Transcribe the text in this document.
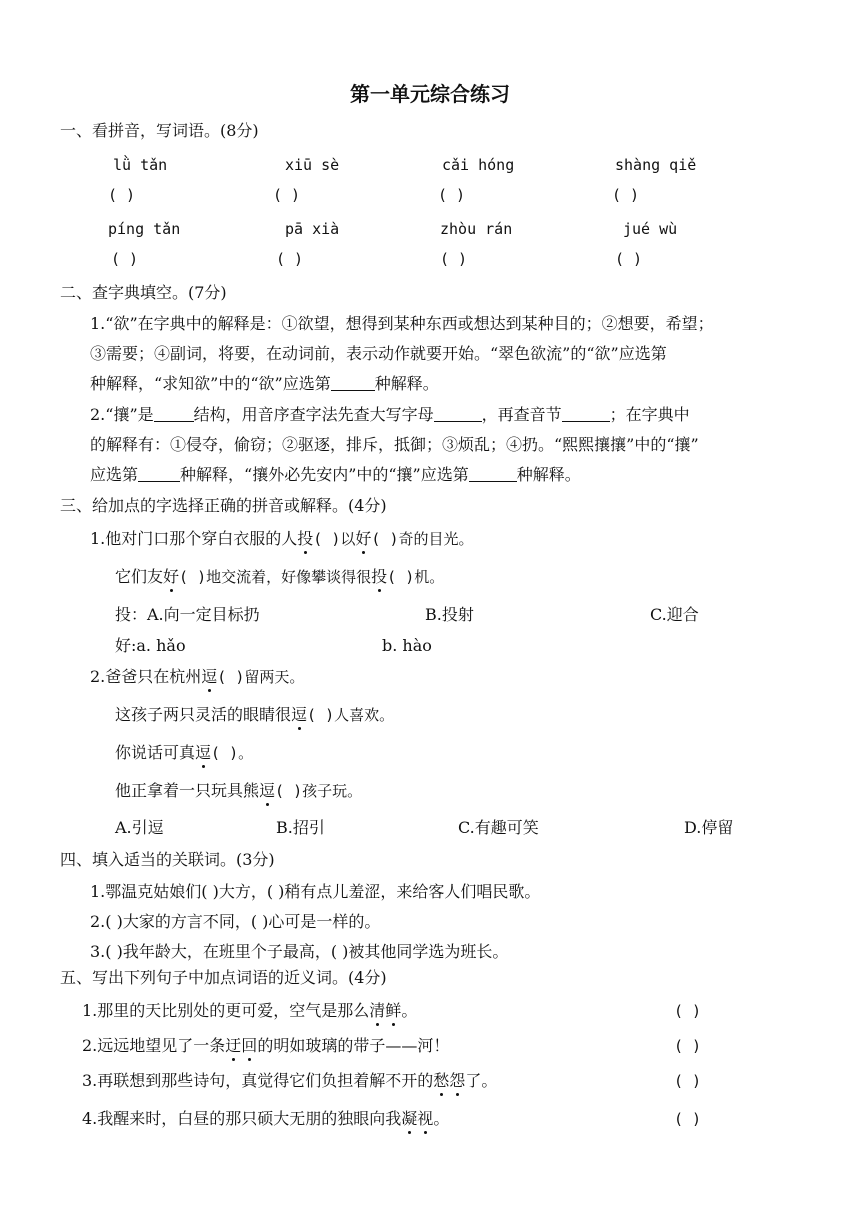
第一单元综合练习
一、看拼音，写词语。(8分)
lǜ tǎn	xiū sè	cǎi hóng	shàng qiě
( )	( )	( )	( )
píng tǎn	pā xià	zhòu rán	jué wù
( )	( )	( )	( )
二、查字典填空。(7分)
1.“欲”在字典中的解释是：①欲望，想得到某种东西或想达到某种目的；②想要，希望；
③需要；④副词，将要，在动词前，表示动作就要开始。“翠色欲流”的“欲”应选第
种解释，“求知欲”中的“欲”应选第	种解释。
2.“攘”是	结构，用音序查字法先查大写字母	，再查音节	；在字典中
的解释有：①侵夺，偷窃；②驱逐，排斥，抵御；③烦乱；④扔。“熙熙攘攘”中的“攘”
应选第	种解释，“攘外必先安内”中的“攘”应选第	种解释。
三、给加点的字选择正确的拼音或解释。(4分)
1.他对门口那个穿白衣服的人投( )以好( )奇的目光。
它们友好( )地交流着，好像攀谈得很投( )机。
投：A.向一定目标扔	B.投射	C.迎合
好:a. hǎo	b. hào
2.爸爸只在杭州逗( )留两天。
这孩子两只灵活的眼睛很逗( )人喜欢。
你说话可真逗( )。
他正拿着一只玩具熊逗( )孩子玩。
A.引逗	B.招引	C.有趣可笑	D.停留
四、填入适当的关联词。(3分)
1.鄂温克姑娘们( )大方，( )稍有点儿羞涩，来给客人们唱民歌。
2.( )大家的方言不同，( )心可是一样的。
3.( )我年龄大，在班里个子最高，( )被其他同学选为班长。
五、写出下列句子中加点词语的近义词。(4分)
1.那里的天比别处的更可爱，空气是那么清鲜。	( )
2.远远地望见了一条迂回的明如玻璃的带子——河！	( )
3.再联想到那些诗句，真觉得它们负担着解不开的愁怨了。	( )
4.我醒来时，白昼的那只硕大无朋的独眼向我凝视。	( )
